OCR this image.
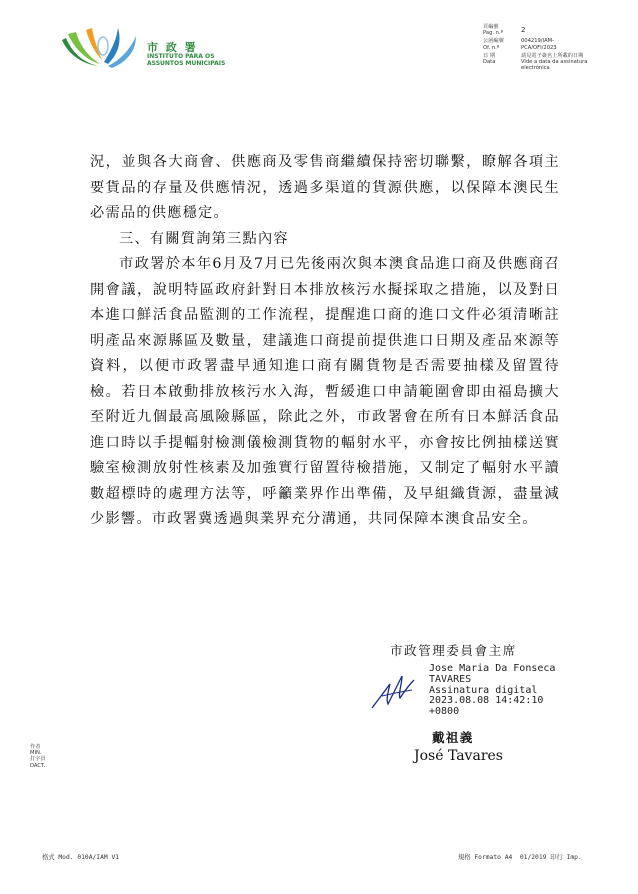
市 政 署
INSTITUTO PARA OS
ASSUNTOS MUNICIPAIS
頁編號
Pag. n.º	2
公函編號
Of. n.º
004219/IAM-
PCA/OFI/2023
日 期
Data
請見電子簽名上所載的日期
Vide a data da assinatura
electrónica

況，並與各大商會、供應商及零售商繼續保持密切聯繫，瞭解各項主要貨品的存量及供應情況，透過多渠道的貨源供應，以保障本澳民生必需品的供應穩定。

三、有關質詢第三點內容

市政署於本年6月及7月已先後兩次與本澳食品進口商及供應商召開會議，說明特區政府針對日本排放核污水擬採取之措施，以及對日本進口鮮活食品監測的工作流程，提醒進口商的進口文件必須清晰註明產品來源縣區及數量，建議進口商提前提供進口日期及產品來源等資料，以便市政署盡早通知進口商有關貨物是否需要抽樣及留置待檢。若日本啟動排放核污水入海，暫緩進口申請範圍會即由福島擴大至附近九個最高風險縣區，除此之外，市政署會在所有日本鮮活食品進口時以手提輻射檢測儀檢測貨物的輻射水平，亦會按比例抽樣送實驗室檢測放射性核素及加強實行留置待檢措施，又制定了輻射水平讀數超標時的處理方法等，呼籲業界作出準備，及早組織貨源，盡量減少影響。市政署冀透過與業界充分溝通，共同保障本澳食品安全。

市政管理委員會主席
Jose Maria Da Fonseca
TAVARES
Assinatura digital
2023.08.08 14:42:10
+0800
戴祖義
José Tavares
作者
MIN.
打字員
DACT.
格式 Mod. 010A/IAM V1	規格 Formato A4  01/2019 印行 Imp.
